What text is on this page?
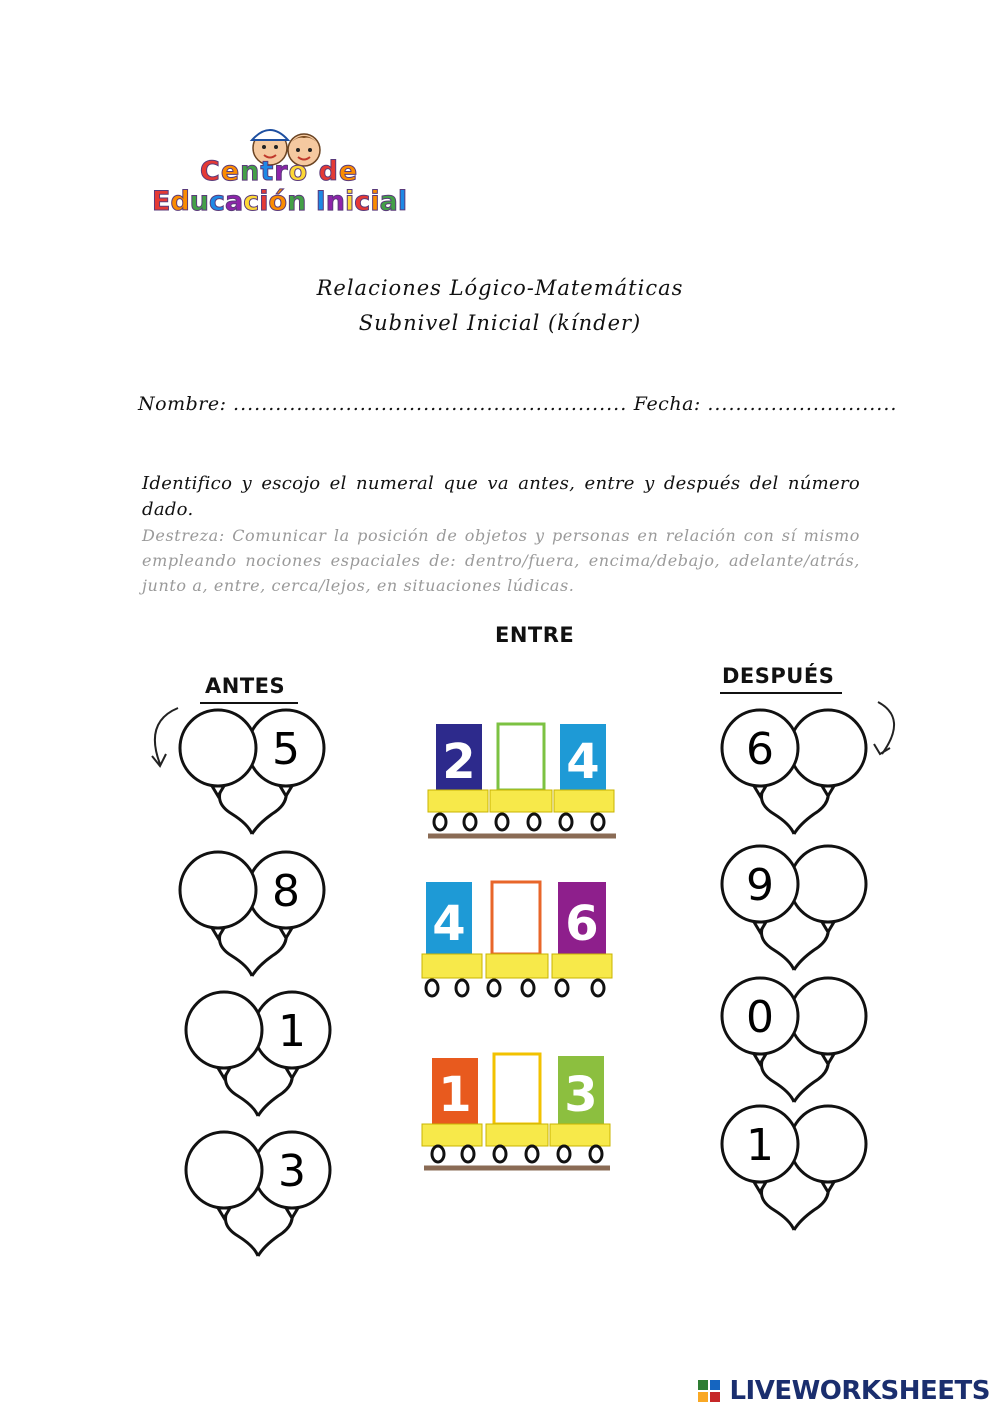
Centro de
Educación Inicial
Relaciones Lógico-Matemáticas
Subnivel Inicial (kínder)
Nombre: ........................................................ Fecha: ...........................
Identifico y escojo el numeral que va antes, entre y después del número dado.
Destreza: Comunicar la posición de objetos y personas en relación con sí mismo empleando nociones espaciales de: dentro/fuera, encima/debajo, adelante/atrás, junto a, entre, cerca/lejos, en situaciones lúdicas.
ENTRE
ANTES	DESPUÉS
5
8
1
3
6
9
0
1
2 4
4 6
1 3
LIVEWORKSHEETS
